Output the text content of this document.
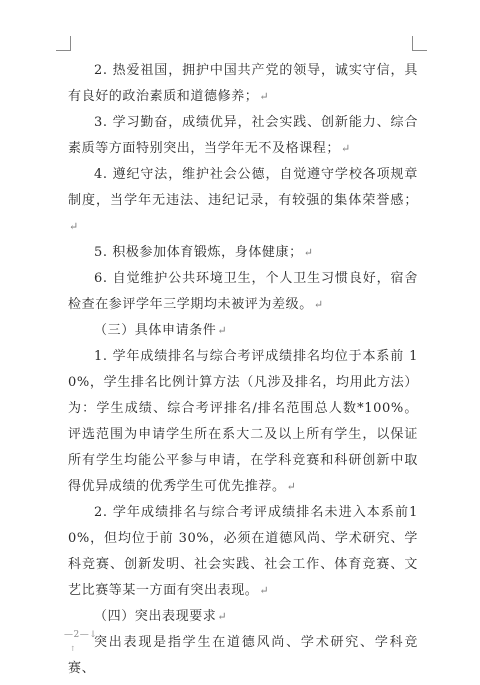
2. 热爱祖国，拥护中国共产党的领导，诚实守信，具有良好的政治素质和道德修养；↵

3. 学习勤奋，成绩优异，社会实践、创新能力、综合素质等方面特别突出，当学年无不及格课程；↵

4. 遵纪守法，维护社会公德，自觉遵守学校各项规章制度，当学年无违法、违纪记录，有较强的集体荣誉感；↵

5. 积极参加体育锻炼，身体健康；↵

6. 自觉维护公共环境卫生，个人卫生习惯良好，宿舍检查在参评学年三学期均未被评为差级。↵

（三）具体申请条件↵

1. 学年成绩排名与综合考评成绩排名均位于本系前 10%，学生排名比例计算方法（凡涉及排名，均用此方法）为：学生成绩、综合考评排名/排名范围总人数*100%。评选范围为申请学生所在系大二及以上所有学生，以保证所有学生均能公平参与申请，在学科竞赛和科研创新中取得优异成绩的优秀学生可优先推荐。↵

2. 学年成绩排名与综合考评成绩排名未进入本系前10%，但均位于前 30%，必须在道德风尚、学术研究、学科竞赛、创新发明、社会实践、社会工作、体育竞赛、文艺比赛等某一方面有突出表现。↵

（四）突出表现要求↵

突出表现是指学生在道德风尚、学术研究、学科竞赛、

—2—↓
↑
